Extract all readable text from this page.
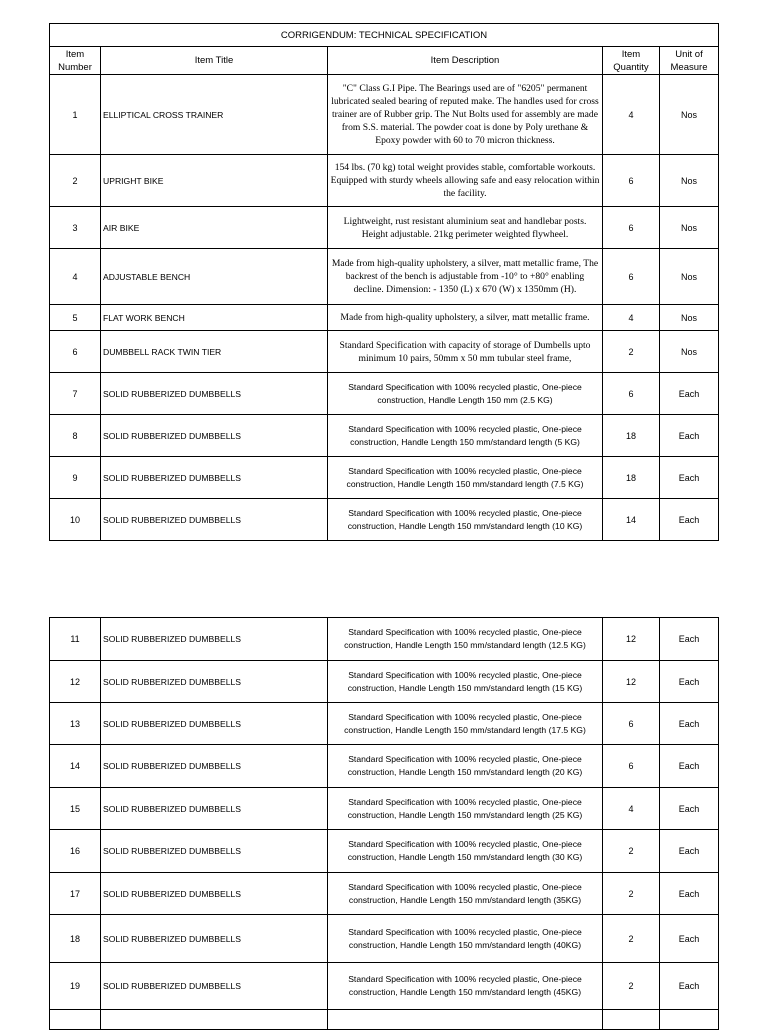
CORRIGENDUM: TECHNICAL SPECIFICATION				
Item Number	Item Title	Item Description	Item Quantity	Unit of Measure
1	ELLIPTICAL CROSS TRAINER	"C" Class G.I Pipe. The Bearings used are of "6205" permanent lubricated sealed bearing of reputed make. The handles used for cross trainer are of Rubber grip. The Nut Bolts used for assembly are made from S.S. material. The powder coat is done by Poly urethane & Epoxy powder with 60 to 70 micron thickness.	4	Nos
2	UPRIGHT BIKE	154 lbs. (70 kg) total weight provides stable, comfortable workouts. Equipped with sturdy wheels allowing safe and easy relocation within the facility.	6	Nos
3	AIR BIKE	Lightweight, rust resistant aluminium seat and handlebar posts. Height adjustable. 21kg perimeter weighted flywheel.	6	Nos
4	ADJUSTABLE BENCH	Made from high-quality upholstery, a silver, matt metallic frame, The backrest of the bench is adjustable from -10° to +80° enabling decline. Dimension: - 1350 (L) x 670 (W) x 1350mm (H).	6	Nos
5	FLAT WORK BENCH	Made from high-quality upholstery, a silver, matt metallic frame.	4	Nos
6	DUMBBELL RACK TWIN TIER	Standard Specification with capacity of storage of Dumbells upto minimum 10 pairs, 50mm x 50 mm tubular steel frame,	2	Nos
7	SOLID RUBBERIZED DUMBBELLS	Standard Specification with 100% recycled plastic, One-piece construction, Handle Length 150 mm (2.5 KG)	6	Each
8	SOLID RUBBERIZED DUMBBELLS	Standard Specification with 100% recycled plastic, One-piece construction, Handle Length 150 mm/standard length (5 KG)	18	Each
9	SOLID RUBBERIZED DUMBBELLS	Standard Specification with 100% recycled plastic, One-piece construction, Handle Length 150 mm/standard length (7.5 KG)	18	Each
10	SOLID RUBBERIZED DUMBBELLS	Standard Specification with 100% recycled plastic, One-piece construction, Handle Length 150 mm/standard length (10 KG)	14	Each
11	SOLID RUBBERIZED DUMBBELLS	Standard Specification with 100% recycled plastic, One-piece construction, Handle Length 150 mm/standard length (12.5 KG)	12	Each
12	SOLID RUBBERIZED DUMBBELLS	Standard Specification with 100% recycled plastic, One-piece construction, Handle Length 150 mm/standard length (15 KG)	12	Each
13	SOLID RUBBERIZED DUMBBELLS	Standard Specification with 100% recycled plastic, One-piece construction, Handle Length 150 mm/standard length (17.5 KG)	6	Each
14	SOLID RUBBERIZED DUMBBELLS	Standard Specification with 100% recycled plastic, One-piece construction, Handle Length 150 mm/standard length (20 KG)	6	Each
15	SOLID RUBBERIZED DUMBBELLS	Standard Specification with 100% recycled plastic, One-piece construction, Handle Length 150 mm/standard length (25 KG)	4	Each
16	SOLID RUBBERIZED DUMBBELLS	Standard Specification with 100% recycled plastic, One-piece construction, Handle Length 150 mm/standard length (30 KG)	2	Each
17	SOLID RUBBERIZED DUMBBELLS	Standard Specification with 100% recycled plastic, One-piece construction, Handle Length 150 mm/standard length (35KG)	2	Each
18	SOLID RUBBERIZED DUMBBELLS	Standard Specification with 100% recycled plastic, One-piece construction, Handle Length 150 mm/standard length (40KG)	2	Each
19	SOLID RUBBERIZED DUMBBELLS	Standard Specification with 100% recycled plastic, One-piece construction, Handle Length 150 mm/standard length (45KG)	2	Each
